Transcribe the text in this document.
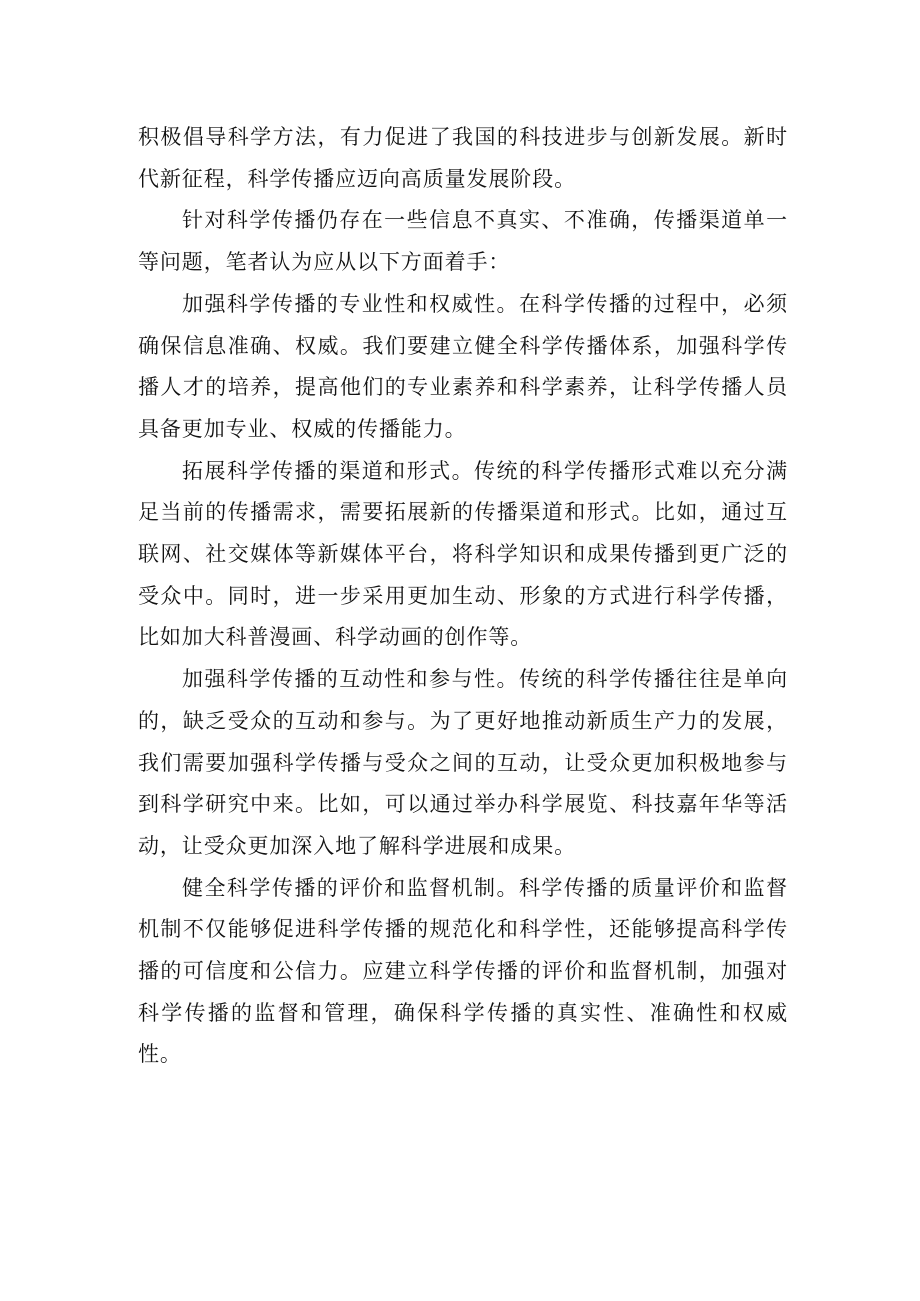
积极倡导科学方法，有力促进了我国的科技进步与创新发展。新时代新征程，科学传播应迈向高质量发展阶段。

针对科学传播仍存在一些信息不真实、不准确，传播渠道单一等问题，笔者认为应从以下方面着手：

加强科学传播的专业性和权威性。在科学传播的过程中，必须确保信息准确、权威。我们要建立健全科学传播体系，加强科学传播人才的培养，提高他们的专业素养和科学素养，让科学传播人员具备更加专业、权威的传播能力。

拓展科学传播的渠道和形式。传统的科学传播形式难以充分满足当前的传播需求，需要拓展新的传播渠道和形式。比如，通过互联网、社交媒体等新媒体平台，将科学知识和成果传播到更广泛的受众中。同时，进一步采用更加生动、形象的方式进行科学传播，比如加大科普漫画、科学动画的创作等。

加强科学传播的互动性和参与性。传统的科学传播往往是单向的，缺乏受众的互动和参与。为了更好地推动新质生产力的发展，我们需要加强科学传播与受众之间的互动，让受众更加积极地参与到科学研究中来。比如，可以通过举办科学展览、科技嘉年华等活动，让受众更加深入地了解科学进展和成果。

健全科学传播的评价和监督机制。科学传播的质量评价和监督机制不仅能够促进科学传播的规范化和科学性，还能够提高科学传播的可信度和公信力。应建立科学传播的评价和监督机制，加强对科学传播的监督和管理，确保科学传播的真实性、准确性和权威性。
